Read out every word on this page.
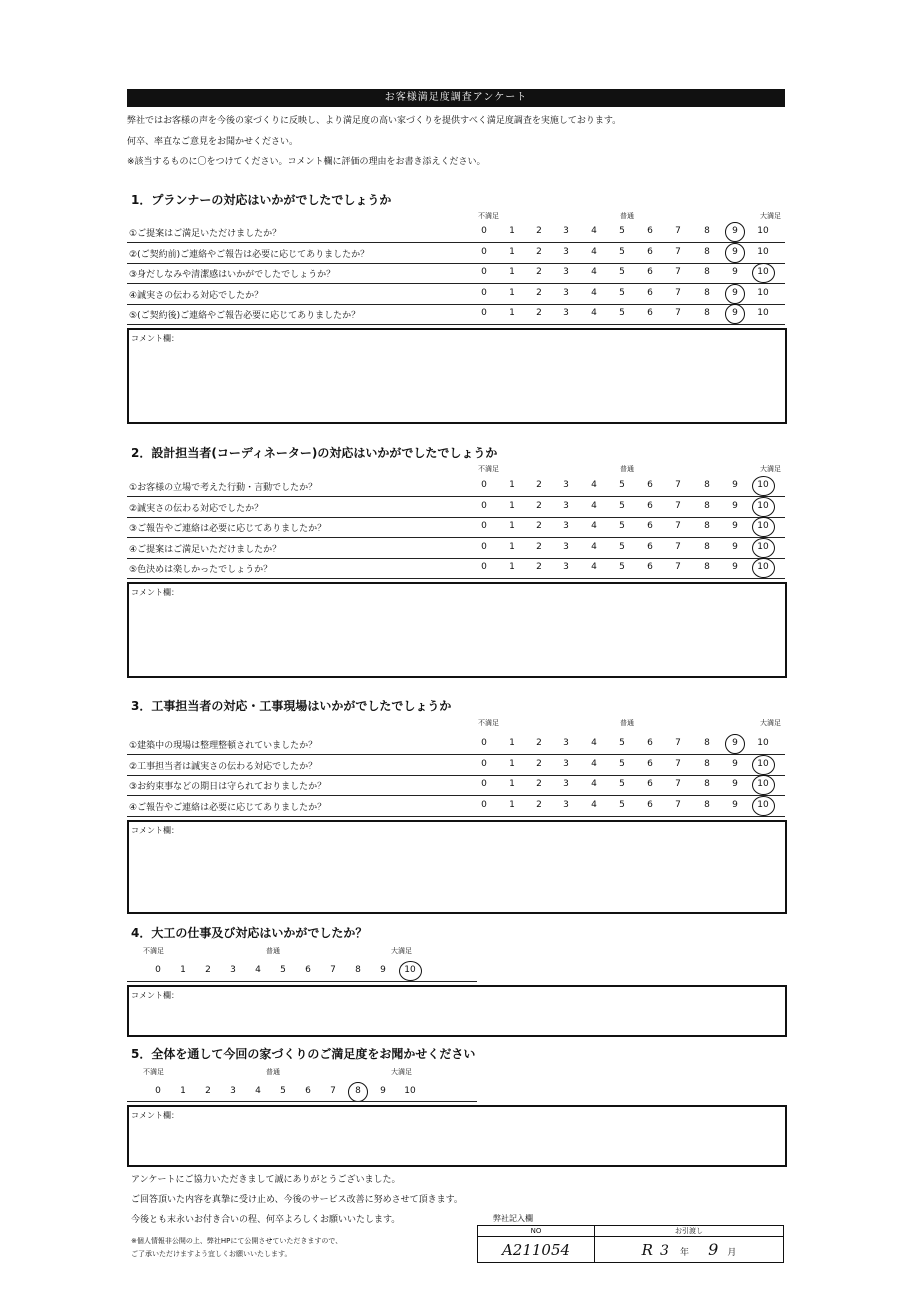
お客様満足度調査アンケート
弊社ではお客様の声を今後の家づくりに反映し、より満足度の高い家づくりを提供すべく満足度調査を実施しております。
何卒、率直なご意見をお聞かせください。
※該当するものに〇をつけてください。コメント欄に評価の理由をお書き添えください。
1．プランナーの対応はいかがでしたでしょうか
不満足	普通	大満足
①ご提案はご満足いただけましたか？	0	1	2	3	4	5	6	7	8	9	10
②(ご契約前)ご連絡やご報告は必要に応じてありましたか？	0	1	2	3	4	5	6	7	8	9	10
③身だしなみや清潔感はいかがでしたでしょうか？	0	1	2	3	4	5	6	7	8	9	10
④誠実さの伝わる対応でしたか？	0	1	2	3	4	5	6	7	8	9	10
⑤(ご契約後)ご連絡やご報告必要に応じてありましたか？	0	1	2	3	4	5	6	7	8	9	10
コメント欄：
2．設計担当者(コーディネーター)の対応はいかがでしたでしょうか
不満足	普通	大満足
①お客様の立場で考えた行動・言動でしたか？	0	1	2	3	4	5	6	7	8	9	10
②誠実さの伝わる対応でしたか？	0	1	2	3	4	5	6	7	8	9	10
③ご報告やご連絡は必要に応じてありましたか？	0	1	2	3	4	5	6	7	8	9	10
④ご提案はご満足いただけましたか？	0	1	2	3	4	5	6	7	8	9	10
⑤色決めは楽しかったでしょうか？	0	1	2	3	4	5	6	7	8	9	10
コメント欄：
3．工事担当者の対応・工事現場はいかがでしたでしょうか
不満足	普通	大満足
①建築中の現場は整理整頓されていましたか？	0	1	2	3	4	5	6	7	8	9	10
②工事担当者は誠実さの伝わる対応でしたか？	0	1	2	3	4	5	6	7	8	9	10
③お約束事などの期日は守られておりましたか？	0	1	2	3	4	5	6	7	8	9	10
④ご報告やご連絡は必要に応じてありましたか？	0	1	2	3	4	5	6	7	8	9	10
コメント欄：
4．大工の仕事及び対応はいかがでしたか？
不満足	普通	大満足
0	1	2	3	4	5	6	7	8	9	10
コメント欄：
5．全体を通して今回の家づくりのご満足度をお聞かせください
不満足	普通	大満足
0	1	2	3	4	5	6	7	8	9	10
コメント欄：
アンケートにご協力いただきまして誠にありがとうございました。
ご回答頂いた内容を真摯に受け止め、今後のサービス改善に努めさせて頂きます。
今後とも末永いお付き合いの程、何卒よろしくお願いいたします。
※個人情報非公開の上、弊社HPにて公開させていただきますので、
ご了承いただけますよう宜しくお願いいたします。
弊社記入欄
NO	お引渡し
A211054	R 3 年 9 月
